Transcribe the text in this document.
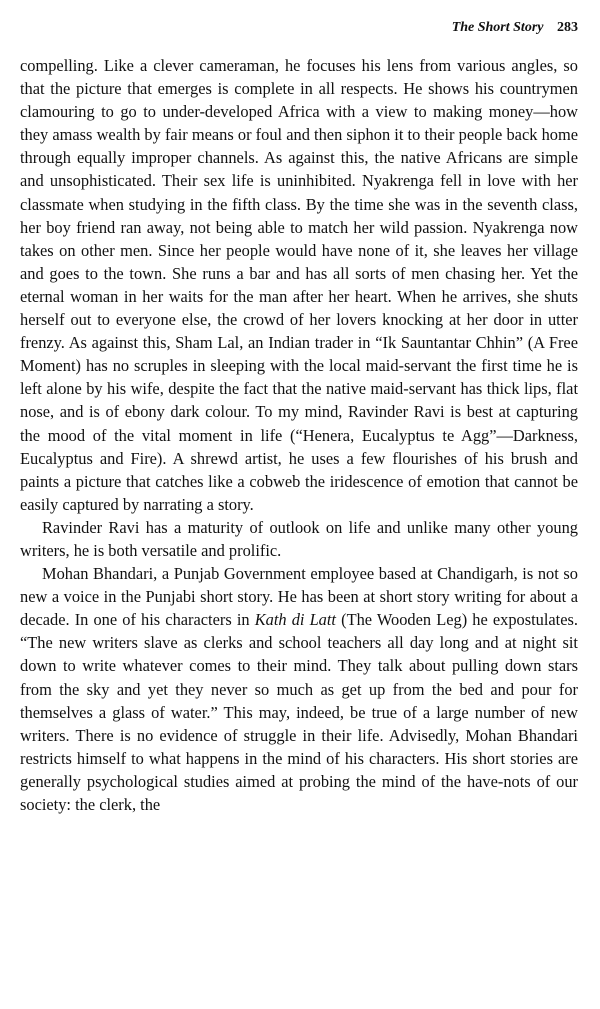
The Short Story 283

compelling. Like a clever cameraman, he focuses his lens from various angles, so that the picture that emerges is complete in all respects. He shows his countrymen clamouring to go to under-developed Africa with a view to making money—how they amass wealth by fair means or foul and then siphon it to their people back home through equally improper channels. As against this, the native Africans are simple and unsophisticated. Their sex life is uninhibited. Nyakrenga fell in love with her classmate when studying in the fifth class. By the time she was in the seventh class, her boy friend ran away, not being able to match her wild passion. Nyakrenga now takes on other men. Since her people would have none of it, she leaves her village and goes to the town. She runs a bar and has all sorts of men chasing her. Yet the eternal woman in her waits for the man after her heart. When he arrives, she shuts herself out to everyone else, the crowd of her lovers knocking at her door in utter frenzy. As against this, Sham Lal, an Indian trader in “Ik Sauntantar Chhin” (A Free Moment) has no scruples in sleeping with the local maid-servant the first time he is left alone by his wife, despite the fact that the native maid-servant has thick lips, flat nose, and is of ebony dark colour. To my mind, Ravinder Ravi is best at capturing the mood of the vital moment in life (“Henera, Eucalyptus te Agg”—Darkness, Eucalyptus and Fire). A shrewd artist, he uses a few flourishes of his brush and paints a picture that catches like a cobweb the iridescence of emotion that cannot be easily captured by narrating a story.

Ravinder Ravi has a maturity of outlook on life and unlike many other young writers, he is both versatile and prolific.

Mohan Bhandari, a Punjab Government employee based at Chandigarh, is not so new a voice in the Punjabi short story. He has been at short story writing for about a decade. In one of his characters in Kath di Latt (The Wooden Leg) he expostulates. “The new writers slave as clerks and school teachers all day long and at night sit down to write whatever comes to their mind. They talk about pulling down stars from the sky and yet they never so much as get up from the bed and pour for themselves a glass of water.” This may, indeed, be true of a large number of new writers. There is no evidence of struggle in their life. Advisedly, Mohan Bhandari restricts himself to what happens in the mind of his characters. His short stories are generally psychological studies aimed at probing the mind of the have-nots of our society: the clerk, the
